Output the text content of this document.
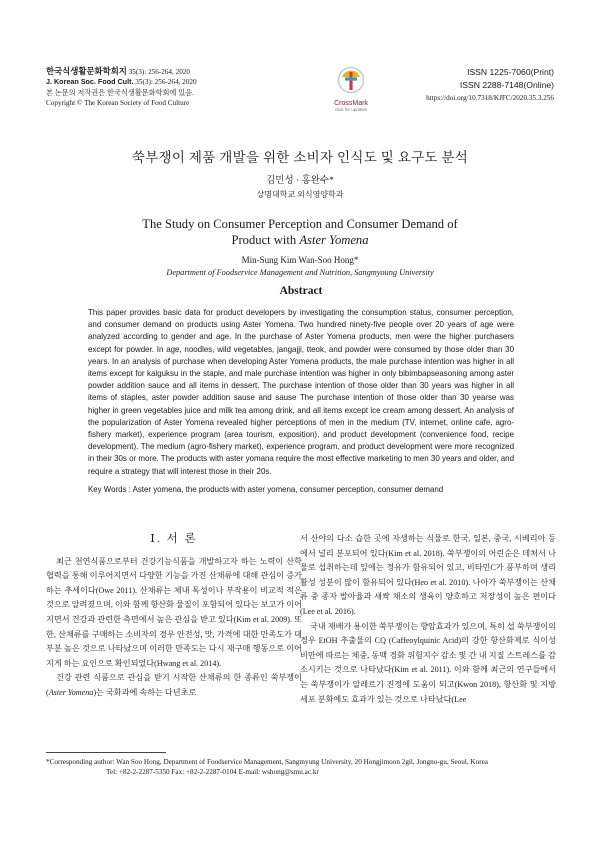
한국식생활문화학회지 35(3): 256-264, 2020
J. Korean Soc. Food Cult. 35(3): 256-264, 2020
본 논문의 저작권은 한국식생활문화학회에 있음.
Copyright © The Korean Society of Food Culture	CrossMark
click for updates
ISSN 1225-7060(Print)
ISSN 2288-7148(Online)
https://doi.org/10.7318/KJFC/2020.35.3.256
쑥부쟁이 제품 개발을 위한 소비자 인식도 및 요구도 분석
김민성 · 홍완수*
상명대학교 외식영양학과
The Study on Consumer Perception and Consumer Demand of
Product with Aster Yomena
Min-Sung Kim Wan-Soo Hong*
Department of Foodservice Management and Nutrition, Sangmyoung University
Abstract

This paper provides basic data for product developers by investigating the consumption status, consumer perception, and consumer demand on products using Aster Yomena. Two hundred ninety-five people over 20 years of age were analyzed according to gender and age. In the purchase of Aster Yomena products, men were the higher purchasers except for powder. In age, noodles, wild vegetables, jangajji, tteok, and powder were consumed by those older than 30 years. In an analysis of purchase when developing Aster Yomena products, the male purchase intention was higher in all items except for kalguksu in the staple, and male purchase intention was higher in only bibimbapseasoning among aster powder addition sauce and all items in dessert. The purchase intention of those older than 30 years was higher in all items of staples, aster powder addition sause and sause The purchase intention of those older than 30 yearse was higher in green vegetables juice and milk tea among drink, and all items except ice cream among dessert. An analysis of the popularization of Aster Yomena revealed higher perceptions of men in the medium (TV, internet, online cafe, agro-fishery market), experience program (area tourism, exposition), and product development (convenience food, recipe development). The medium (agro-fishery market), experience program, and product development were more recognized in their 30s or more. The products with aster yomana require the most effective marketing to men 30 years and older, and require a strategy that will interest those in their 20s.

Key Words : Aster yomena, the products with aster yomena, consumer perception, consumer demand
Ⅰ. 서 론

최근 천연식품으로부터 건강기능식품을 개발하고자 하는 노력이 산학 협력을 통해 이루어지면서 다양한 기능을 가진 산채류에 대해 관심이 증가하는 추세이다(Owe 2011). 산채류는 체내 독성이나 부작용이 비교적 적은 것으로 알려졌으며, 이와 함께 항산화 물질이 포함되어 있다는 보고가 이어지면서 건강과 관련한 측면에서 높은 관심을 받고 있다(Kim et al. 2009). 또한, 산채류를 구매하는 소비자의 경우 안전성, 맛, 가격에 대한 만족도가 대부분 높은 것으로 나타났으며 이러한 만족도는 다시 재구매 행동으로 이어지게 하는 요인으로 확인되었다(Hwang et al. 2014).

건강 관련 식품으로 관심을 받기 시작한 산채류의 한 종류인 쑥부쟁이(Aster Yomena)는 국화과에 속하는 다년초로

서 산야의 다소 습한 곳에 자생하는 식물로 한국, 일본, 중국, 시베리아 등에서 널리 분포되어 있다(Kim et al. 2018). 쑥부쟁이의 어린순은 데쳐서 나물로 섭취하는데 잎에는 정유가 함유되어 있고, 비타민C가 풍부하며 생리활성 성분이 많이 함유되어 있다(Heo et al. 2010). 나아가 쑥부쟁이는 산채류 중 종자 발아율과 새싹 채소의 생육이 양호하고 저장성이 높은 편이다(Lee et al. 2016).

국내 재배가 용이한 쑥부쟁이는 향암효과가 있으며, 특히 섭 쑥부쟁이의 경우 EtOH 추출물의 CQ (Caffeoylquinic Acid)의 강한 항산화제로 식이성 비만에 따르는 체중, 동맥 경화 위험지수 감소 및 간 내 지질 스트레스를 감소시키는 것으로 나타났다(Kim et al. 2011). 이와 함께 최근의 연구들에서는 쑥부쟁이가 알레르기 진정에 도움이 되고(Kwon 2018), 항산화 및 지방세포 분화에도 효과가 있는 것으로 나타났다(Lee

*Corresponding author: Wan Soo Hong, Department of Foodservice Management, Sangmyung University, 20 Hongjimoon 2gil, Jongno-gu, Seoul, Korea
Tel: +82-2-2287-5350 Fax: +82-2-2287-0104 E-mail: wshong@smu.ac.kr
